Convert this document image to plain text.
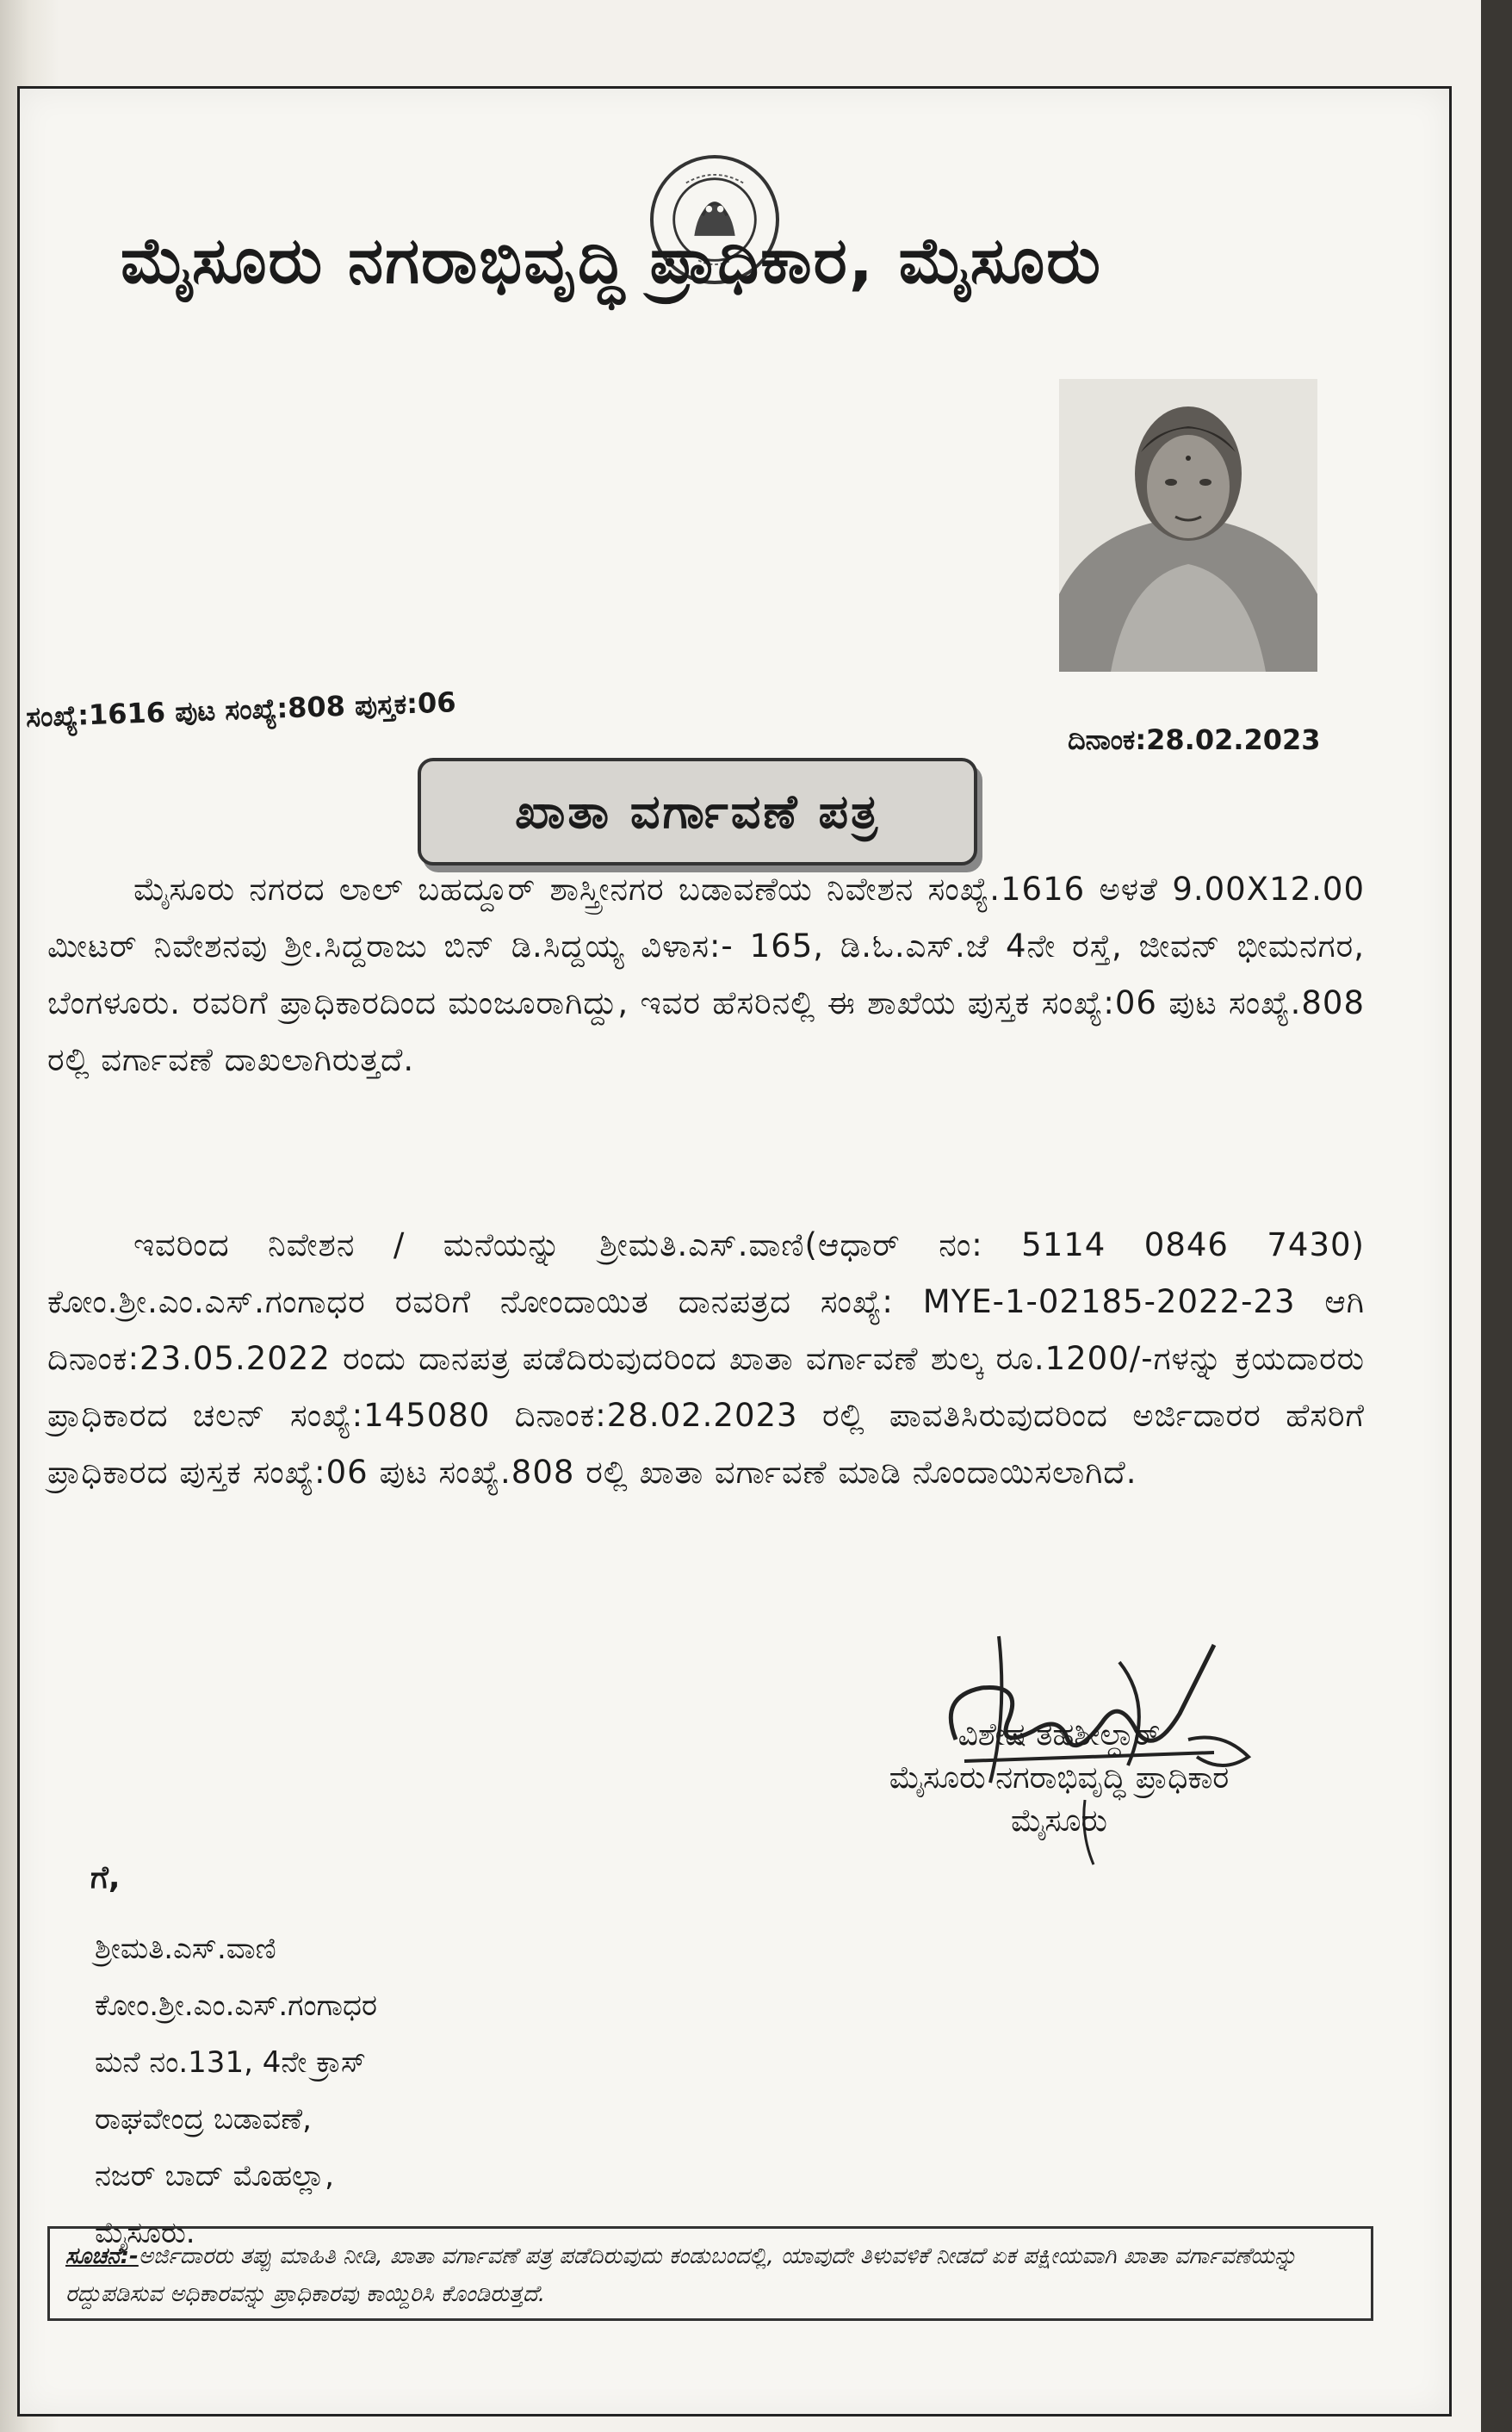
ಮೈಸೂರು ನಗರಾಭಿವೃದ್ಧಿ ಪ್ರಾಧಿಕಾರ, ಮೈಸೂರು
ಸಂಖ್ಯೆ:1616 ಪುಟ ಸಂಖ್ಯೆ:808 ಪುಸ್ತಕ:06
ದಿನಾಂಕ:28.02.2023
ಖಾತಾ ವರ್ಗಾವಣೆ ಪತ್ರ
ಮೈಸೂರು ನಗರದ ಲಾಲ್ ಬಹದ್ದೂರ್ ಶಾಸ್ತ್ರೀನಗರ ಬಡಾವಣೆಯ ನಿವೇಶನ ಸಂಖ್ಯೆ.1616 ಅಳತೆ 9.00X12.00 ಮೀಟರ್ ನಿವೇಶನವು ಶ್ರೀ.ಸಿದ್ದರಾಜು ಬಿನ್ ಡಿ.ಸಿದ್ದಯ್ಯ ವಿಳಾಸ:- 165, ಡಿ.ಓ.ಎಸ್.ಜೆ 4ನೇ ರಸ್ತೆ, ಜೀವನ್ ಭೀಮನಗರ, ಬೆಂಗಳೂರು. ರವರಿಗೆ ಪ್ರಾಧಿಕಾರದಿಂದ ಮಂಜೂರಾಗಿದ್ದು, ಇವರ ಹೆಸರಿನಲ್ಲಿ ಈ ಶಾಖೆಯ ಪುಸ್ತಕ ಸಂಖ್ಯೆ:06 ಪುಟ ಸಂಖ್ಯೆ.808 ರಲ್ಲಿ ವರ್ಗಾವಣೆ ದಾಖಲಾಗಿರುತ್ತದೆ.
ಇವರಿಂದ ನಿವೇಶನ / ಮನೆಯನ್ನು ಶ್ರೀಮತಿ.ಎಸ್.ವಾಣಿ(ಆಧಾರ್ ನಂ: 5114 0846 7430) ಕೋಂ.ಶ್ರೀ.ಎಂ.ಎಸ್.ಗಂಗಾಧರ ರವರಿಗೆ ನೋಂದಾಯಿತ ದಾನಪತ್ರದ ಸಂಖ್ಯೆ: MYE-1-02185-2022-23 ಆಗಿ ದಿನಾಂಕ:23.05.2022 ರಂದು ದಾನಪತ್ರ ಪಡೆದಿರುವುದರಿಂದ ಖಾತಾ ವರ್ಗಾವಣೆ ಶುಲ್ಕ ರೂ.1200/-ಗಳನ್ನು ಕ್ರಯದಾರರು ಪ್ರಾಧಿಕಾರದ ಚಲನ್ ಸಂಖ್ಯೆ:145080 ದಿನಾಂಕ:28.02.2023 ರಲ್ಲಿ ಪಾವತಿಸಿರುವುದರಿಂದ ಅರ್ಜಿದಾರರ ಹೆಸರಿಗೆ ಪ್ರಾಧಿಕಾರದ ಪುಸ್ತಕ ಸಂಖ್ಯೆ:06 ಪುಟ ಸಂಖ್ಯೆ.808 ರಲ್ಲಿ ಖಾತಾ ವರ್ಗಾವಣೆ ಮಾಡಿ ನೊಂದಾಯಿಸಲಾಗಿದೆ.
ವಿಶೇಷ ತಹಶೀಲ್ದಾರ್
ಮೈಸೂರು ನಗರಾಭಿವೃದ್ಧಿ ಪ್ರಾಧಿಕಾರ
ಮೈಸೂರು
ಗೆ,
ಶ್ರೀಮತಿ.ಎಸ್.ವಾಣಿ
ಕೋಂ.ಶ್ರೀ.ಎಂ.ಎಸ್.ಗಂಗಾಧರ
ಮನೆ ನಂ.131, 4ನೇ ಕ್ರಾಸ್
ರಾಘವೇಂದ್ರ ಬಡಾವಣೆ,
ನಜರ್ ಬಾದ್ ಮೊಹಲ್ಲಾ,
ಮೈಸೂರು.
ಸೂಚನೆ:-ಅರ್ಜಿದಾರರು ತಪ್ಪು ಮಾಹಿತಿ ನೀಡಿ, ಖಾತಾ ವರ್ಗಾವಣೆ ಪತ್ರ ಪಡೆದಿರುವುದು ಕಂಡುಬಂದಲ್ಲಿ, ಯಾವುದೇ ತಿಳುವಳಿಕೆ ನೀಡದೆ ಏಕ ಪಕ್ಷೀಯವಾಗಿ ಖಾತಾ ವರ್ಗಾವಣೆಯನ್ನು ರದ್ದುಪಡಿಸುವ ಅಧಿಕಾರವನ್ನು ಪ್ರಾಧಿಕಾರವು ಕಾಯ್ದಿರಿಸಿ ಕೊಂಡಿರುತ್ತದೆ.
